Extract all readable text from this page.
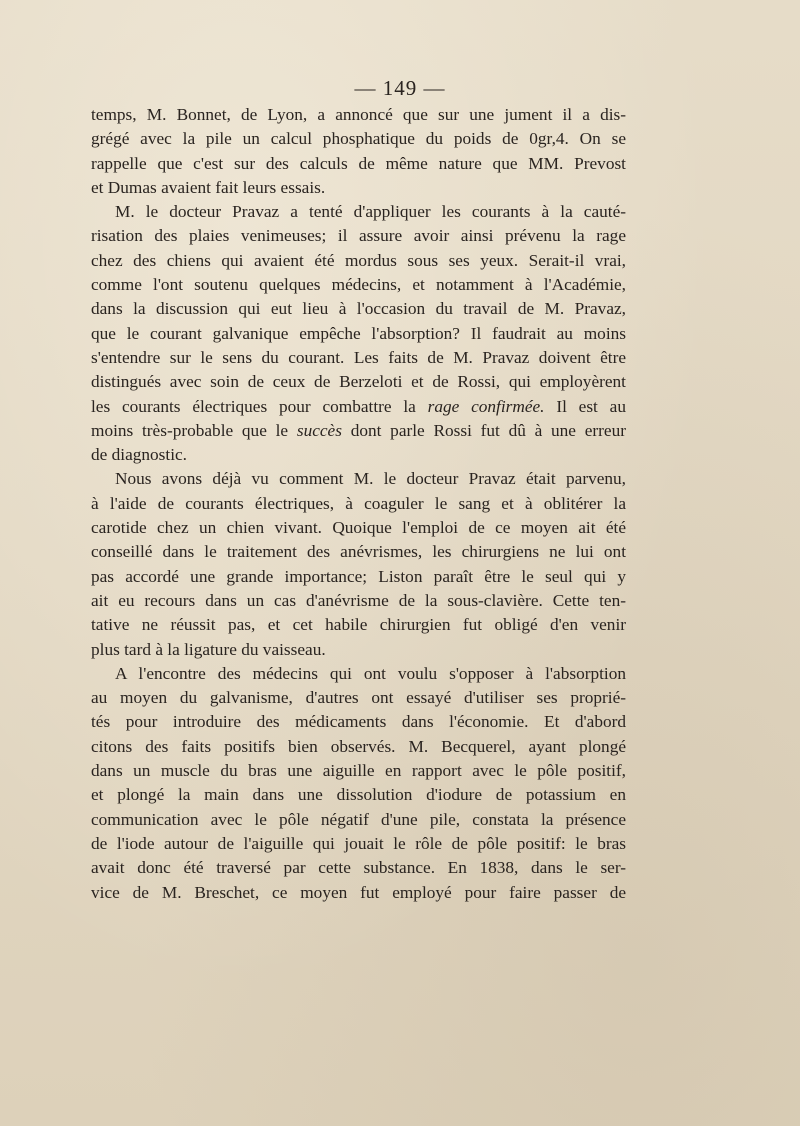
— 149 —
temps, M. Bonnet, de Lyon, a annoncé que sur une jument il a dis-
grégé avec la pile un calcul phosphatique du poids de 0gr,4. On se
rappelle que c'est sur des calculs de même nature que MM. Prevost
et Dumas avaient fait leurs essais.
M. le docteur Pravaz a tenté d'appliquer les courants à la cauté-
risation des plaies venimeuses; il assure avoir ainsi prévenu la rage
chez des chiens qui avaient été mordus sous ses yeux. Serait-il vrai,
comme l'ont soutenu quelques médecins, et notamment à l'Académie,
dans la discussion qui eut lieu à l'occasion du travail de M. Pravaz,
que le courant galvanique empêche l'absorption? Il faudrait au moins
s'entendre sur le sens du courant. Les faits de M. Pravaz doivent être
distingués avec soin de ceux de Berzeloti et de Rossi, qui employèrent
les courants électriques pour combattre la rage confirmée. Il est au
moins très-probable que le succès dont parle Rossi fut dû à une erreur
de diagnostic.
Nous avons déjà vu comment M. le docteur Pravaz était parvenu,
à l'aide de courants électriques, à coaguler le sang et à oblitérer la
carotide chez un chien vivant. Quoique l'emploi de ce moyen ait été
conseillé dans le traitement des anévrismes, les chirurgiens ne lui ont
pas accordé une grande importance; Liston paraît être le seul qui y
ait eu recours dans un cas d'anévrisme de la sous-clavière. Cette ten-
tative ne réussit pas, et cet habile chirurgien fut obligé d'en venir
plus tard à la ligature du vaisseau.
A l'encontre des médecins qui ont voulu s'opposer à l'absorption
au moyen du galvanisme, d'autres ont essayé d'utiliser ses proprié-
tés pour introduire des médicaments dans l'économie. Et d'abord
citons des faits positifs bien observés. M. Becquerel, ayant plongé
dans un muscle du bras une aiguille en rapport avec le pôle positif,
et plongé la main dans une dissolution d'iodure de potassium en
communication avec le pôle négatif d'une pile, constata la présence
de l'iode autour de l'aiguille qui jouait le rôle de pôle positif: le bras
avait donc été traversé par cette substance. En 1838, dans le ser-
vice de M. Breschet, ce moyen fut employé pour faire passer de
